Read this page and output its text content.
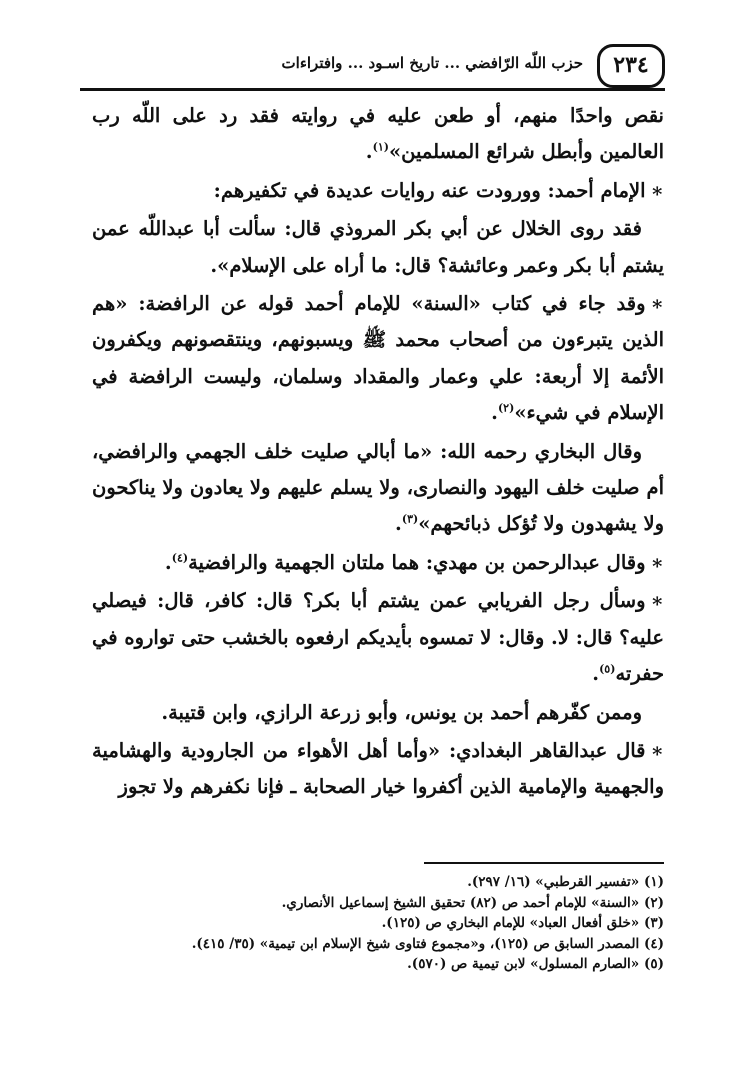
٢٣٤
حزب اللّه الرّافضي ... تاريخ اسـود ... وافتراءات

نقص واحدًا منهم، أو طعن عليه في روايته فقد رد على اللّه رب العالمين وأبطل شرائع المسلمين»$^{(١)}$.

∗ الإمام أحمد: وورودت عنه روايات عديدة في تكفيرهم:

فقد روى الخلال عن أبي بكر المروذي قال: سألت أبا عبداللّه عمن يشتم أبا بكر وعمر وعائشة؟ قال: ما أراه على الإسلام».

∗ وقد جاء في كتاب «السنة» للإمام أحمد قوله عن الرافضة: «هم الذين يتبرءون من أصحاب محمد ﷺ ويسبونهم، وينتقصونهم ويكفرون الأئمة إلا أربعة: علي وعمار والمقداد وسلمان، وليست الرافضة في الإسلام في شيء»$^{(٢)}$.

وقال البخاري رحمه الله: «ما أبالي صليت خلف الجهمي والرافضي، أم صليت خلف اليهود والنصارى، ولا يسلم عليهم ولا يعادون ولا يناكحون ولا يشهدون ولا تُؤكل ذبائحهم»$^{(٣)}$.

∗ وقال عبدالرحمن بن مهدي: هما ملتان الجهمية والرافضية$^{(٤)}$.

∗ وسأل رجل الفريابي عمن يشتم أبا بكر؟ قال: كافر، قال: فيصلي عليه؟ قال: لا. وقال: لا تمسوه بأيديكم ارفعوه بالخشب حتى تواروه في حفرته$^{(٥)}$.

وممن كفّرهم أحمد بن يونس، وأبو زرعة الرازي، وابن قتيبة.

∗ قال عبدالقاهر البغدادي: «وأما أهل الأهواء من الجارودية والهشامية والجهمية والإمامية الذين أكفروا خيار الصحابة ـ فإنا نكفرهم ولا تجوز

(١) «تفسير القرطبي» (١٦/ ٢٩٧).
(٢) «السنة» للإمام أحمد ص (٨٢) تحقيق الشيخ إسماعيل الأنصاري.
(٣) «خلق أفعال العباد» للإمام البخاري ص (١٢٥).
(٤) المصدر السابق ص (١٢٥)، و«مجموع فتاوى شيخ الإسلام ابن تيمية» (٣٥/ ٤١٥).
(٥) «الصارم المسلول» لابن تيمية ص (٥٧٠).
